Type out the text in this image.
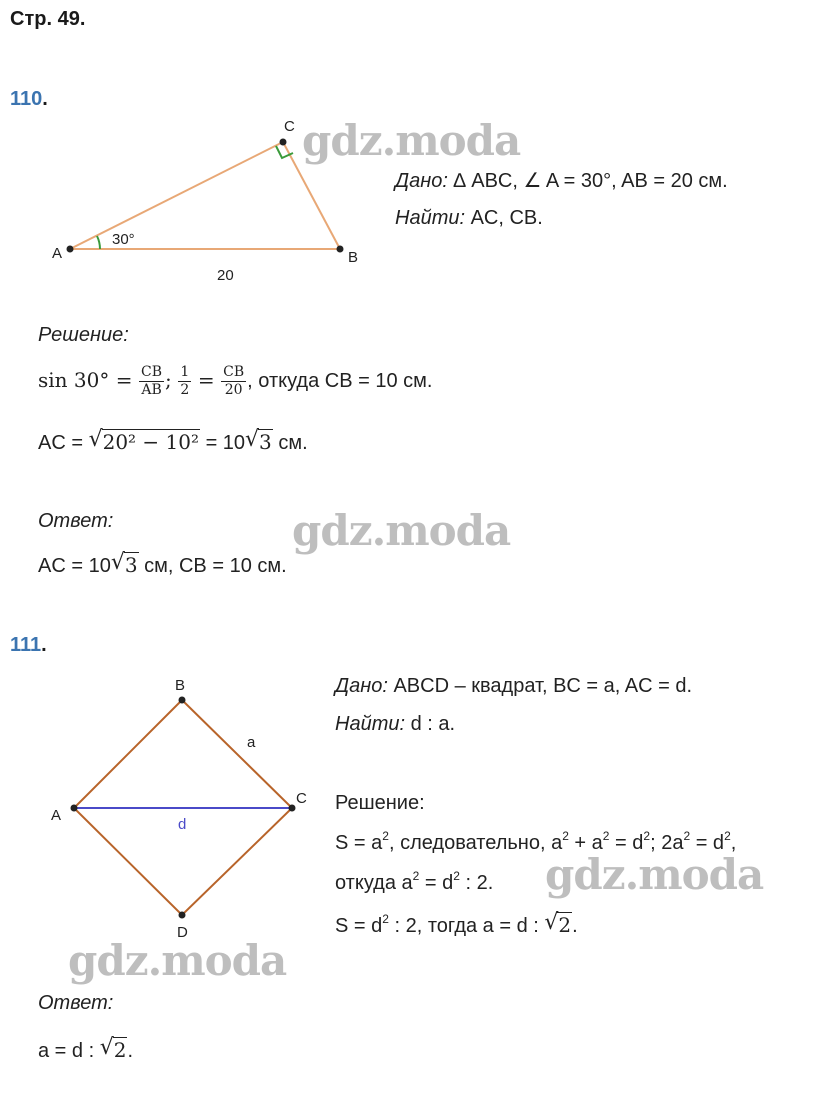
Стр. 49.
110.
A	B
C
30°
20
B
C
D
A
a
d
gdz.moda
Дано: ∆ ABC, ∠ A = 30°, AB = 20 см.
Найти: AC, CB.
Решение:
$\sin 30^\circ = \frac{CB}{AB}$ ; $\frac{1}{2} = \frac{CB}{20}$ , откуда CB = 10 см.
AC = √ 20² − 10² = 10 √ 3 см.
Ответ:	gdz.moda
AC = 10 √ 3 см, CB = 10 см.
111.
Дано: ABCD – квадрат, BC = a, AC = d.
Найти: d : a.
Решение:
$S = a^2$, следовательно, $a^2 + a^2 = d^2$; $2a^2 = d^2$,
откуда $a^2 = d^2$ : 2. gdz.moda
$S = d^2$ : 2, тогда a = d : √ 2.
gdz.moda
Ответ:
a = d : √ 2.
